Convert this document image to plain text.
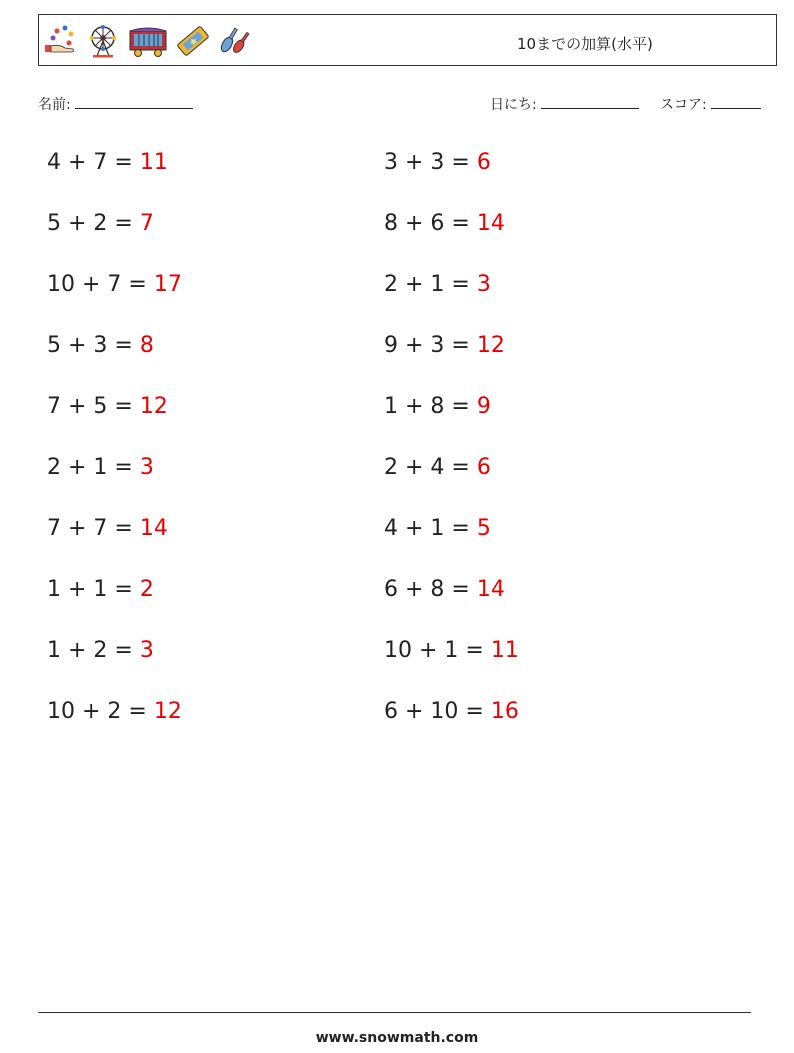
10までの加算(水平)
名前:	日にち:	スコア:
4 + 7 = 11
5 + 2 = 7
10 + 7 = 17
5 + 3 = 8
7 + 5 = 12
2 + 1 = 3
7 + 7 = 14
1 + 1 = 2
1 + 2 = 3
10 + 2 = 12
3 + 3 = 6
8 + 6 = 14
2 + 1 = 3
9 + 3 = 12
1 + 8 = 9
2 + 4 = 6
4 + 1 = 5
6 + 8 = 14
10 + 1 = 11
6 + 10 = 16
www.snowmath.com
